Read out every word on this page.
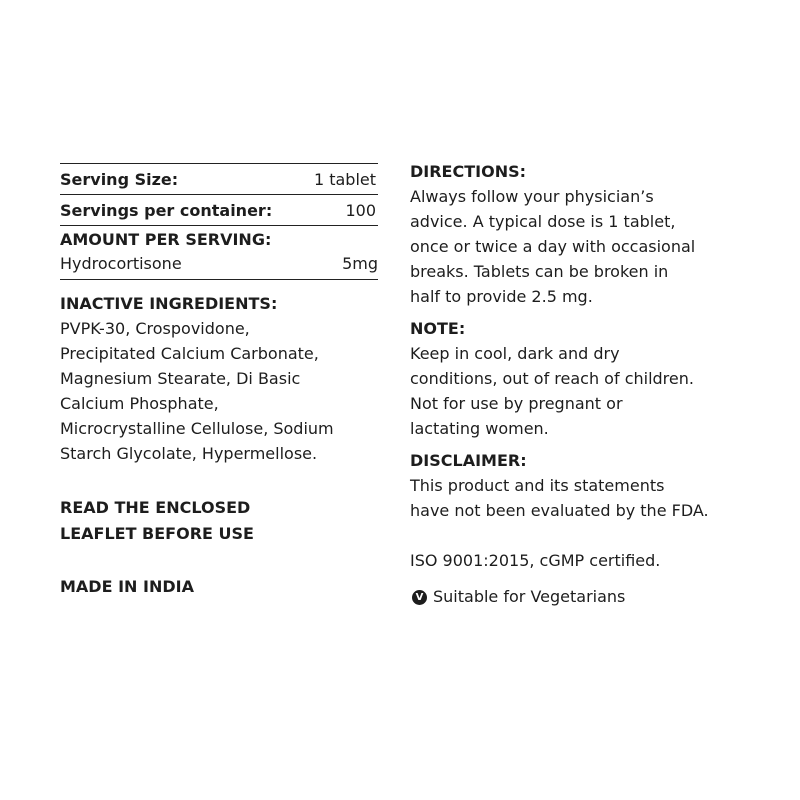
Serving Size:	1 tablet
Servings per container:	100
AMOUNT PER SERVING:
Hydrocortisone	5mg
INACTIVE INGREDIENTS:
PVPK-30, Crospovidone,
Precipitated Calcium Carbonate,
Magnesium Stearate, Di Basic
Calcium Phosphate,
Microcrystalline Cellulose, Sodium
Starch Glycolate, Hypermellose.
READ THE ENCLOSED
LEAFLET BEFORE USE
MADE IN INDIA
DIRECTIONS:
Always follow your physician’s
advice. A typical dose is 1 tablet,
once or twice a day with occasional
breaks. Tablets can be broken in
half to provide 2.5 mg.
NOTE:
Keep in cool, dark and dry
conditions, out of reach of children.
Not for use by pregnant or
lactating women.
DISCLAIMER:
This product and its statements
have not been evaluated by the FDA.
ISO 9001:2015, cGMP certified.
V Suitable for Vegetarians
